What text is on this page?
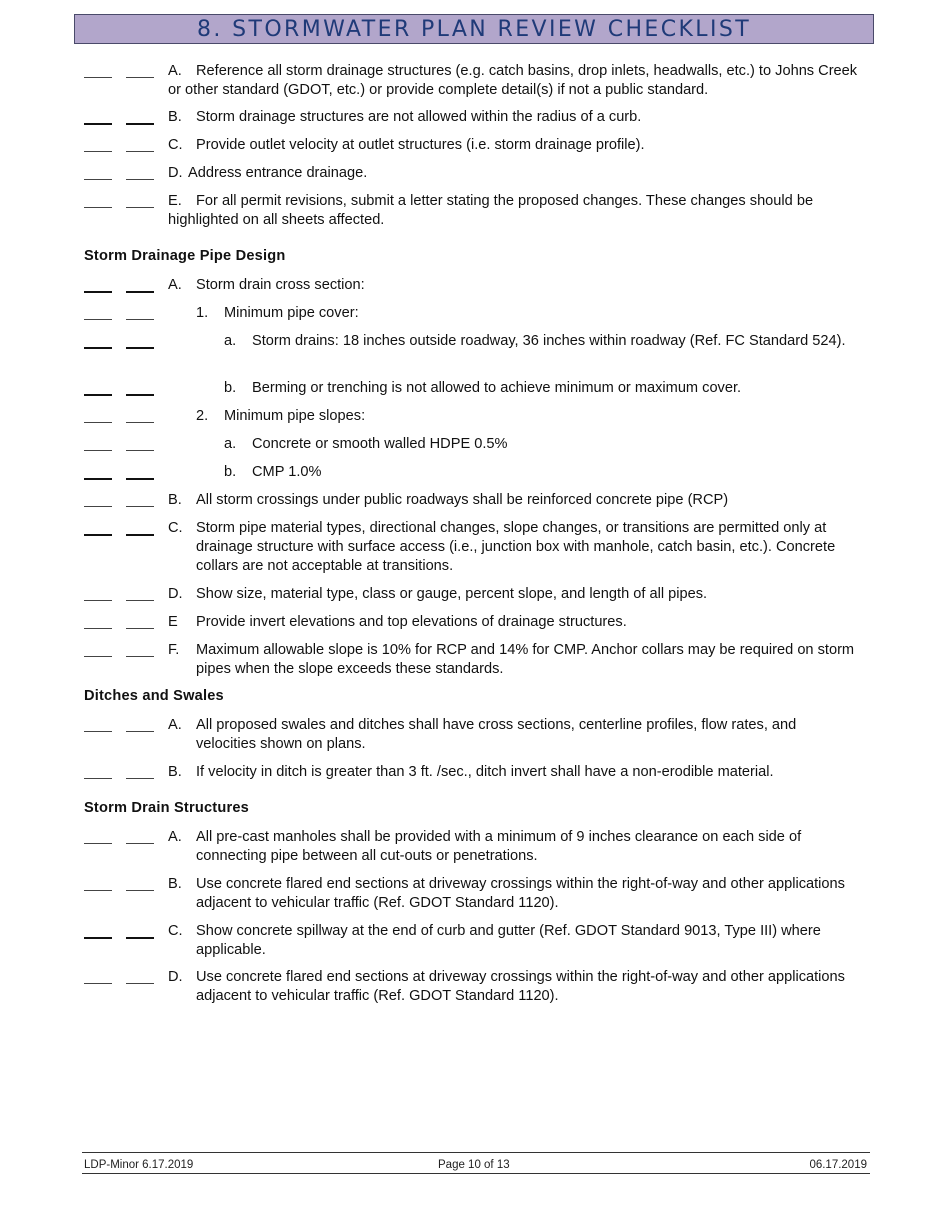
8. STORMWATER PLAN REVIEW CHECKLIST
A. Reference all storm drainage structures (e.g. catch basins, drop inlets, headwalls, etc.) to Johns Creek or other standard (GDOT, etc.) or provide complete detail(s) if not a public standard.
B. Storm drainage structures are not allowed within the radius of a curb.
C. Provide outlet velocity at outlet structures (i.e. storm drainage profile).
D. Address entrance drainage.
E. For all permit revisions, submit a letter stating the proposed changes. These changes should be highlighted on all sheets affected.
Storm Drainage Pipe Design
A. Storm drain cross section:
1. Minimum pipe cover:
a. Storm drains: 18 inches outside roadway, 36 inches within roadway (Ref. FC Standard 524).
b. Berming or trenching is not allowed to achieve minimum or maximum cover.
2. Minimum pipe slopes:
a. Concrete or smooth walled HDPE 0.5%
b. CMP 1.0%
B. All storm crossings under public roadways shall be reinforced concrete pipe (RCP)
C. Storm pipe material types, directional changes, slope changes, or transitions are permitted only at drainage structure with surface access (i.e., junction box with manhole, catch basin, etc.). Concrete collars are not acceptable at transitions.
D. Show size, material type, class or gauge, percent slope, and length of all pipes.
E Provide invert elevations and top elevations of drainage structures.
F. Maximum allowable slope is 10% for RCP and 14% for CMP. Anchor collars may be required on storm pipes when the slope exceeds these standards.
Ditches and Swales
A. All proposed swales and ditches shall have cross sections, centerline profiles, flow rates, and velocities shown on plans.
B. If velocity in ditch is greater than 3 ft. /sec., ditch invert shall have a non-erodible material.
Storm Drain Structures
A. All pre-cast manholes shall be provided with a minimum of 9 inches clearance on each side of connecting pipe between all cut-outs or penetrations.
B. Use concrete flared end sections at driveway crossings within the right-of-way and other applications adjacent to vehicular traffic (Ref. GDOT Standard 1120).
C. Show concrete spillway at the end of curb and gutter (Ref. GDOT Standard 9013, Type III) where applicable.
D. Use concrete flared end sections at driveway crossings within the right-of-way and other applications adjacent to vehicular traffic (Ref. GDOT Standard 1120).
LDP-Minor 6.17.2019	Page 10 of 13	06.17.2019
